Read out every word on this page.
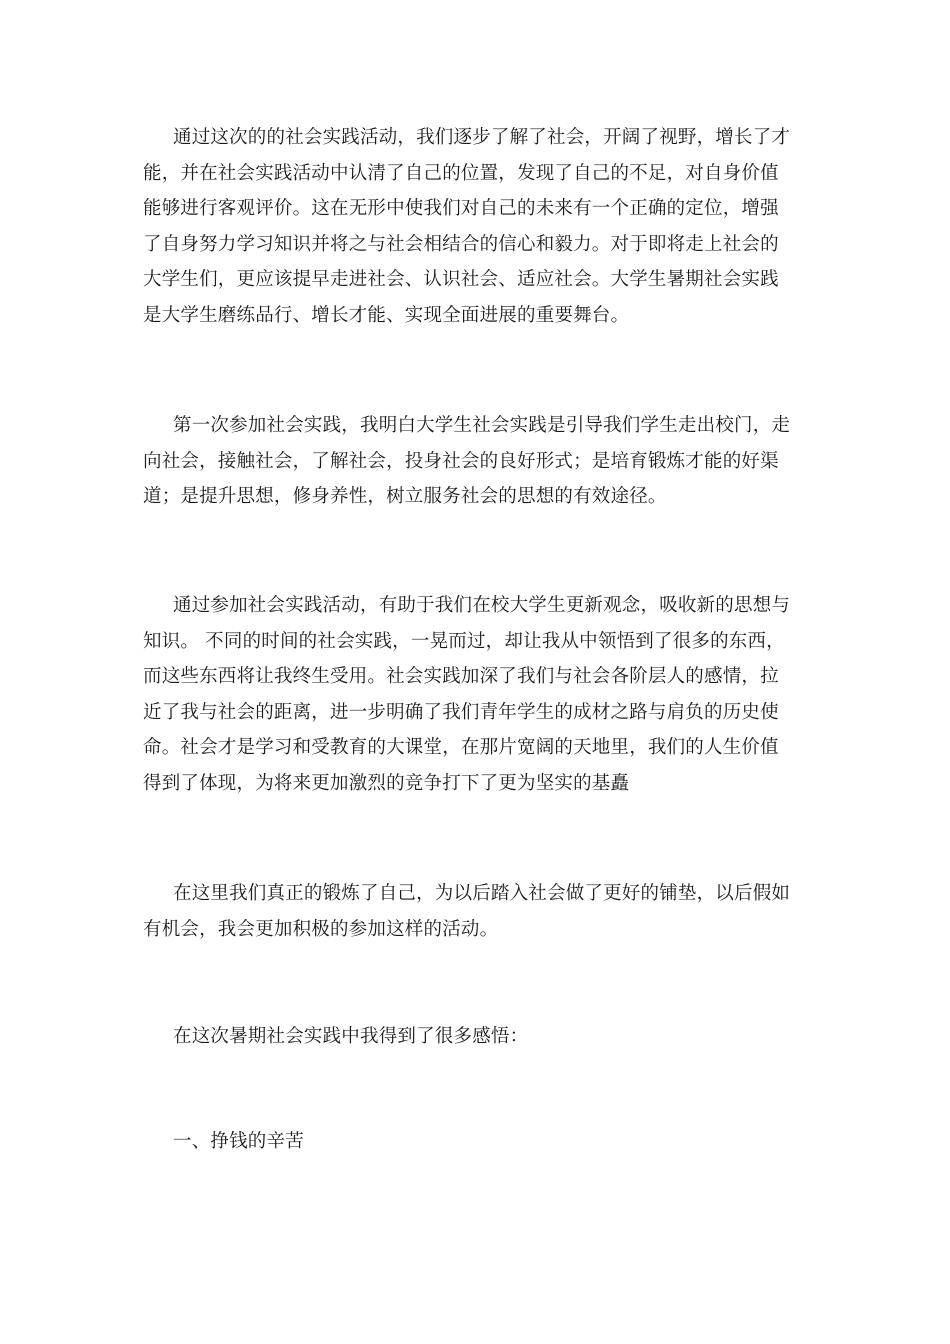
通过这次的的社会实践活动，我们逐步了解了社会，开阔了视野，增长了才
能，并在社会实践活动中认清了自己的位置，发现了自己的不足，对自身价值
能够进行客观评价。这在无形中使我们对自己的未来有一个正确的定位，增强
了自身努力学习知识并将之与社会相结合的信心和毅力。对于即将走上社会的
大学生们，更应该提早走进社会、认识社会、适应社会。大学生暑期社会实践
是大学生磨练品行、增长才能、实现全面进展的重要舞台。
第一次参加社会实践，我明白大学生社会实践是引导我们学生走出校门，走
向社会，接触社会，了解社会，投身社会的良好形式；是培育锻炼才能的好渠
道；是提升思想，修身养性，树立服务社会的思想的有效途径。
通过参加社会实践活动，有助于我们在校大学生更新观念，吸收新的思想与
知识。 不同的时间的社会实践，一晃而过，却让我从中领悟到了很多的东西，
而这些东西将让我终生受用。社会实践加深了我们与社会各阶层人的感情，拉
近了我与社会的距离，进一步明确了我们青年学生的成材之路与肩负的历史使
命。社会才是学习和受教育的大课堂，在那片宽阔的天地里，我们的人生价值
得到了体现，为将来更加激烈的竞争打下了更为坚实的基矗
在这里我们真正的锻炼了自己，为以后踏入社会做了更好的铺垫，以后假如
有机会，我会更加积极的参加这样的活动。
在这次暑期社会实践中我得到了很多感悟：
一、挣钱的辛苦
